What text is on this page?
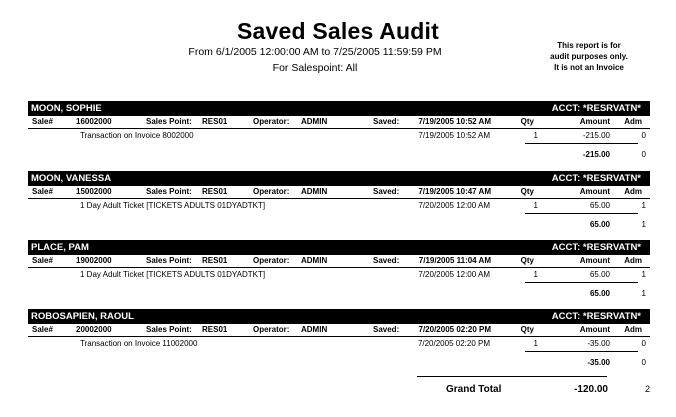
Saved Sales Audit
From 6/1/2005 12:00:00 AM to 7/25/2005 11:59:59 PM
For Salespoint: All
This report is for
audit purposes only.
It is not an Invoice
MOON, SOPHIE	ACCT: *RESRVATN*
Sale#	16002000	Sales Point: RES01	Operator: ADMIN	Saved:	7/19/2005 10:52 AM	Qty	Amount Adm
Transaction on Invoice 8002000	7/19/2005 10:52 AM	1	-215.00	0
-215.00	0
MOON, VANESSA	ACCT: *RESRVATN*
Sale#	15002000	Sales Point: RES01	Operator: ADMIN	Saved:	7/19/2005 10:47 AM	Qty	Amount Adm
1 Day Adult Ticket [TICKETS ADULTS 01DYADTKT]	7/20/2005 12:00 AM	1	65.00	1
65.00	1
PLACE, PAM	ACCT: *RESRVATN*
Sale#	19002000	Sales Point: RES01	Operator: ADMIN	Saved:	7/19/2005 11:04 AM	Qty	Amount Adm
1 Day Adult Ticket [TICKETS ADULTS 01DYADTKT]	7/20/2005 12:00 AM	1	65.00	1
65.00	1
ROBOSAPIEN, RAOUL	ACCT: *RESRVATN*
Sale#	20002000	Sales Point: RES01	Operator: ADMIN	Saved:	7/20/2005 02:20 PM	Qty	Amount Adm
Transaction on Invoice 11002000	7/20/2005 02:20 PM	1	-35.00	0
-35.00	0
Grand Total	-120.00	2
